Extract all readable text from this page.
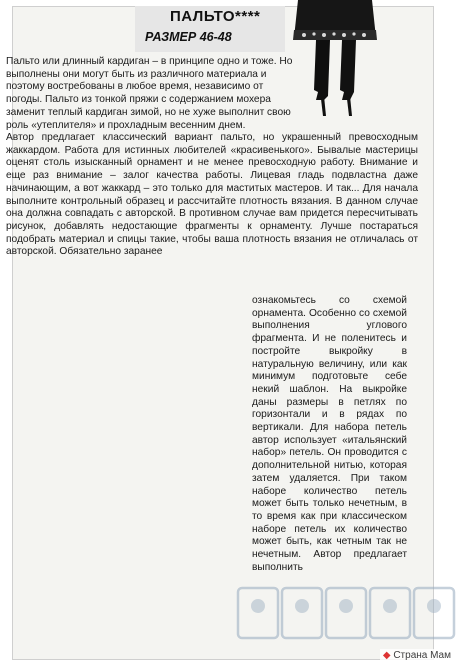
ПАЛЬТО****
РАЗМЕР 46-48
Пальто или длинный кардиган – в принципе одно и тоже. Но выполнены они могут быть из различного материала и поэтому востребованы в любое время, независимо от погоды. Пальто из тонкой пряжи с содержанием мохера заменит теплый кардиган зимой, но не хуже выполнит свою роль «утеплителя» и прохладным весенним днем.
Автор предлагает классический вариант пальто, но украшенный превосходным жаккардом. Работа для истинных любителей «красивенького». Бывалые мастерицы оценят столь изысканный орнамент и не менее превосходную работу. Внимание и еще раз внимание – залог качества работы. Лицевая гладь подвластна даже начинающим, а вот жаккард – это только для маститых мастеров. И так... Для начала выполните контрольный образец и рассчитайте плотность вязания. В данном случае она должна совпадать с авторской. В противном случае вам придется пересчитывать рисунок, добавлять недостающие фрагменты к орнаменту. Лучше постараться подобрать материал и спицы такие, чтобы ваша плотность вязания не отличалась от авторской. Обязательно заранее
ознакомьтесь со схемой орнамента. Особенно со схемой выполнения углового фрагмента. И не поленитесь и постройте выкройку в натуральную величину, или как минимум подготовьте себе некий шаблон. На выкройке даны размеры в петлях по горизонтали и в рядах по вертикали. Для набора петель автор использует «итальянский набор» петель. Он проводится с дополнительной нитью, которая затем удаляется. При таком наборе количество петель может быть только нечетным, в то время как при классическом наборе петель их количество может быть, как четным так не нечетным. Автор предлагает выполнить
◆ Страна Мам
